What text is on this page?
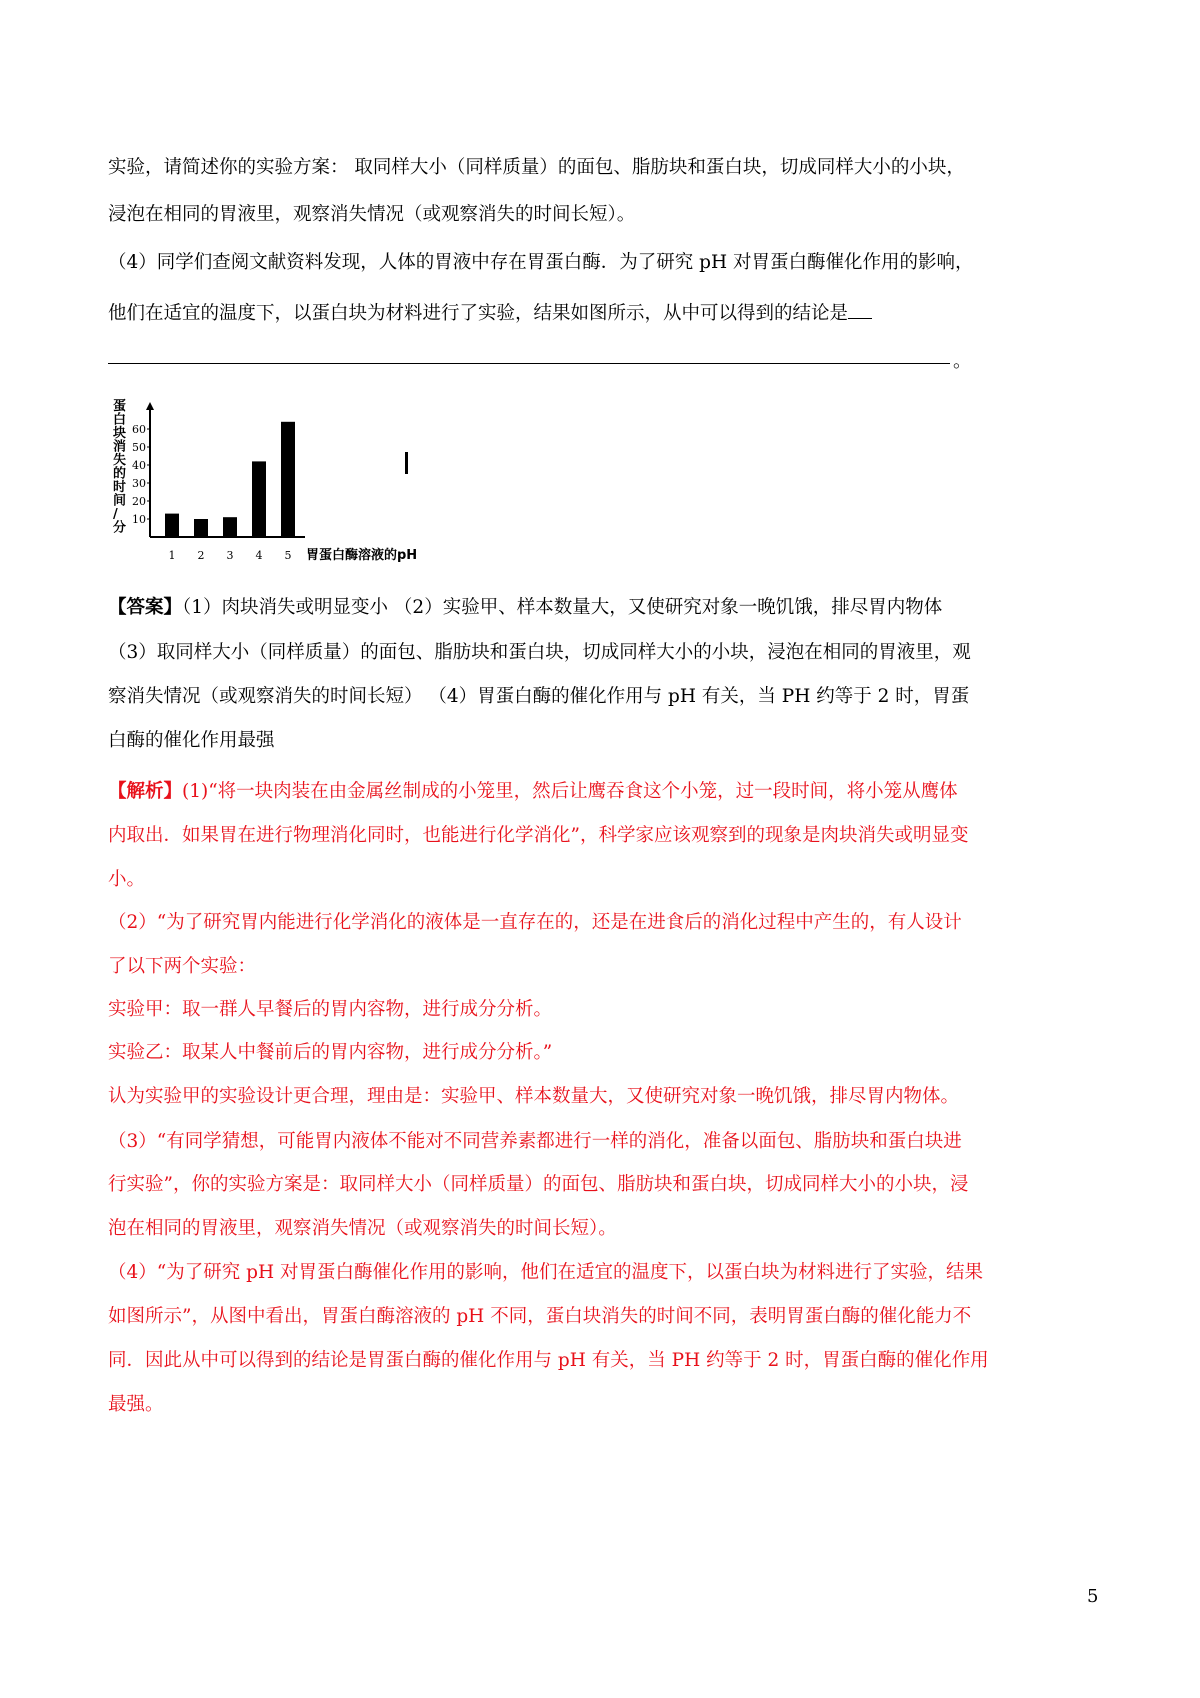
实验，请简述你的实验方案： 取同样大小（同样质量）的面包、脂肪块和蛋白块，切成同样大小的小块，
浸泡在相同的胃液里，观察消失情况（或观察消失的时间长短）。
（4）同学们查阅文献资料发现，人体的胃液中存在胃蛋白酶．为了研究 pH 对胃蛋白酶催化作用的影响，
他们在适宜的温度下，以蛋白块为材料进行了实验，结果如图所示，从中可以得到的结论是
。
蛋
白
块
消
失
的
时
间
/
分
10
20
30
40
50
60
1 2 3 4 5 胃蛋白酶溶液的pH
【答案】（1）肉块消失或明显变小 （2）实验甲、样本数量大，又使研究对象一晚饥饿，排尽胃内物体
（3）取同样大小（同样质量）的面包、脂肪块和蛋白块，切成同样大小的小块，浸泡在相同的胃液里，观
察消失情况（或观察消失的时间长短） （4）胃蛋白酶的催化作用与 pH 有关，当 PH 约等于 2 时，胃蛋
白酶的催化作用最强
【解析】(1)“将一块肉装在由金属丝制成的小笼里，然后让鹰吞食这个小笼，过一段时间，将小笼从鹰体
内取出．如果胃在进行物理消化同时，也能进行化学消化”，科学家应该观察到的现象是肉块消失或明显变
小。
（2）“为了研究胃内能进行化学消化的液体是一直存在的，还是在进食后的消化过程中产生的，有人设计
了以下两个实验：
实验甲：取一群人早餐后的胃内容物，进行成分分析。
实验乙：取某人中餐前后的胃内容物，进行成分分析。”
认为实验甲的实验设计更合理，理由是：实验甲、样本数量大，又使研究对象一晚饥饿，排尽胃内物体。
（3）“有同学猜想，可能胃内液体不能对不同营养素都进行一样的消化，准备以面包、脂肪块和蛋白块进
行实验”，你的实验方案是：取同样大小（同样质量）的面包、脂肪块和蛋白块，切成同样大小的小块，浸
泡在相同的胃液里，观察消失情况（或观察消失的时间长短）。
（4）“为了研究 pH 对胃蛋白酶催化作用的影响，他们在适宜的温度下，以蛋白块为材料进行了实验，结果
如图所示”，从图中看出，胃蛋白酶溶液的 pH 不同，蛋白块消失的时间不同，表明胃蛋白酶的催化能力不
同．因此从中可以得到的结论是胃蛋白酶的催化作用与 pH 有关，当 PH 约等于 2 时，胃蛋白酶的催化作用
最强。
5
